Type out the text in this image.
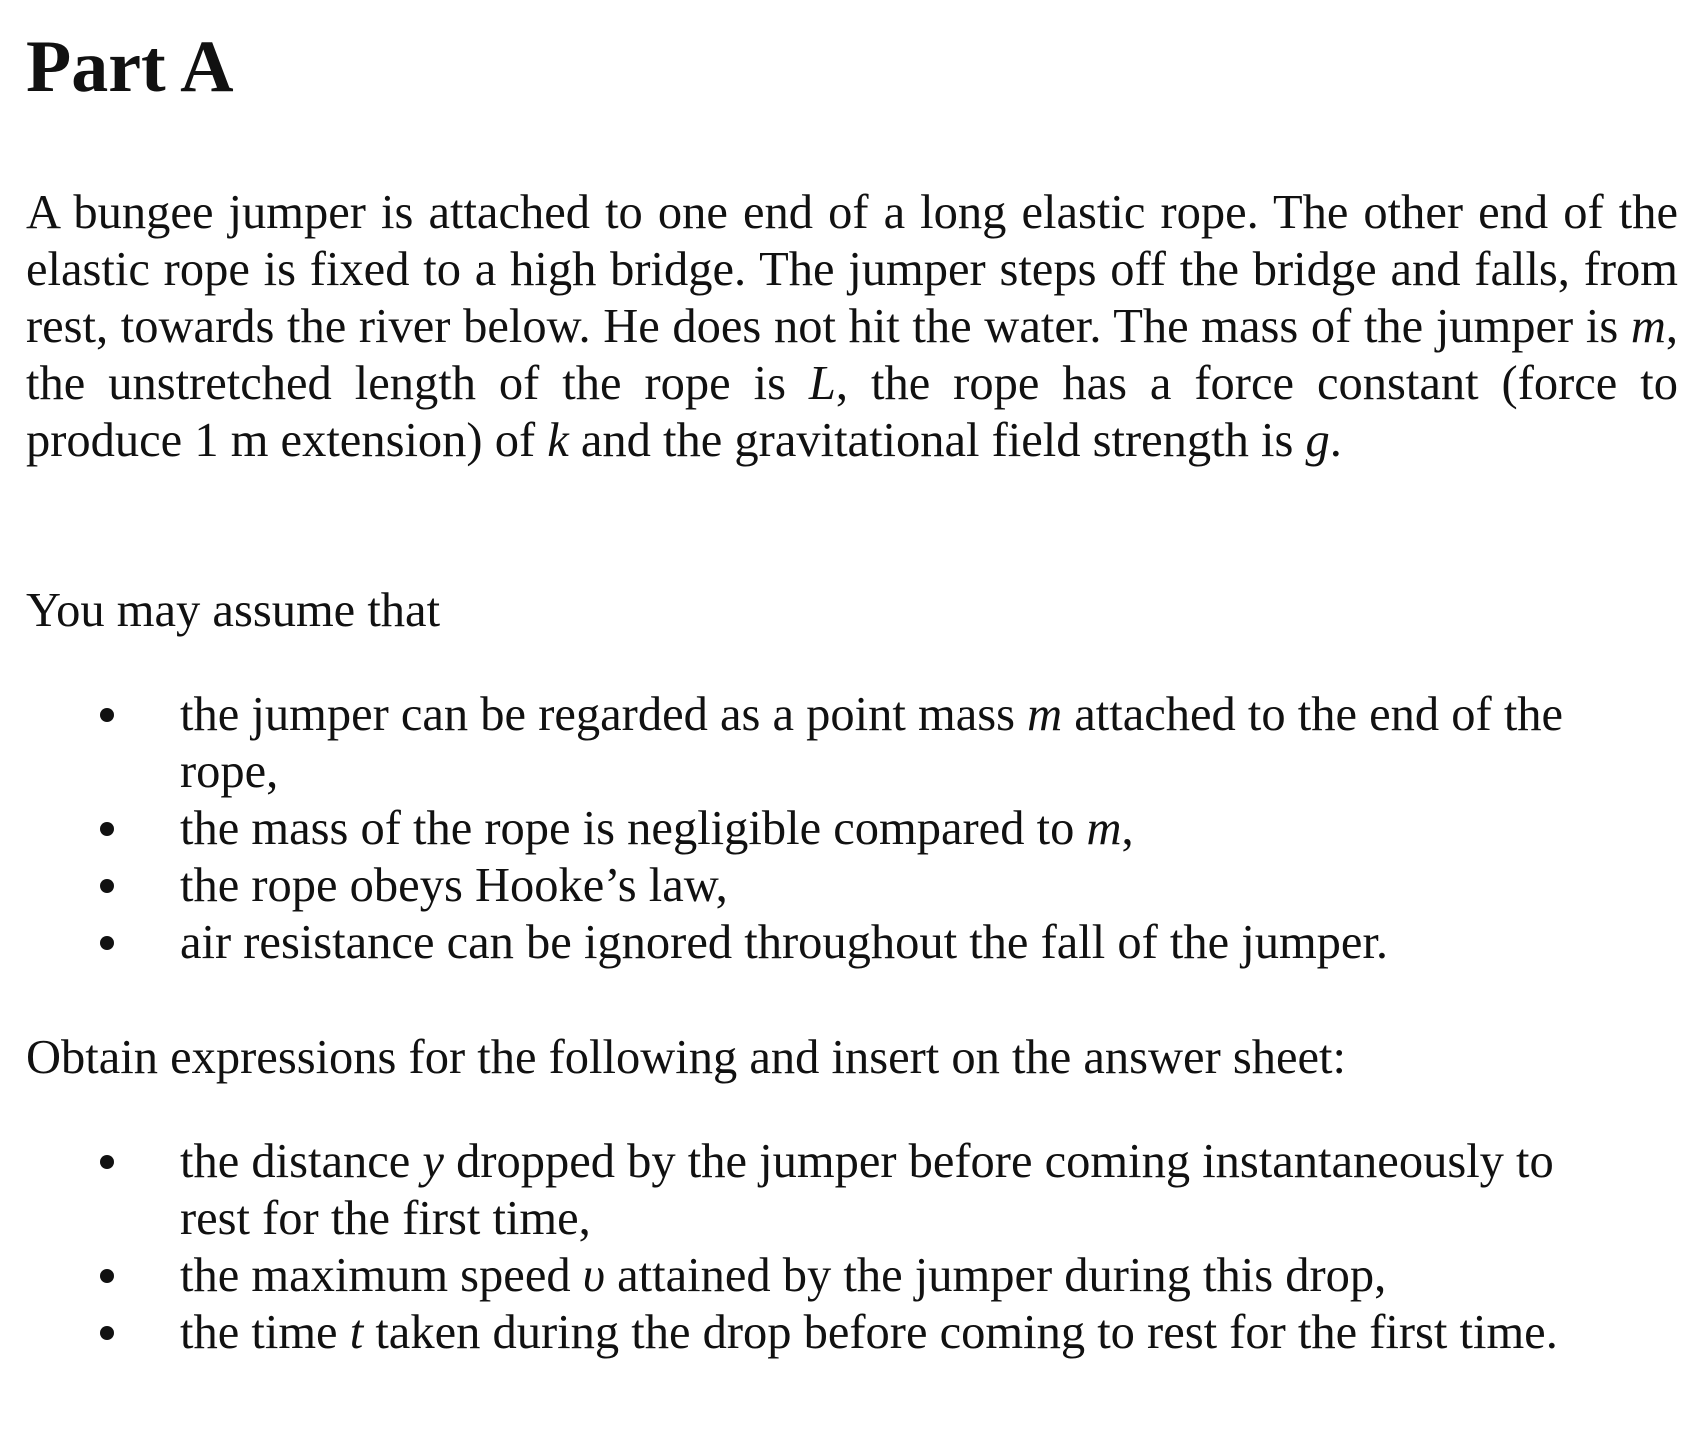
Part A

A bungee jumper is attached to one end of a long elastic rope. The other end of the elastic rope is fixed to a high bridge. The jumper steps off the bridge and falls, from rest, towards the river below. He does not hit the water. The mass of the jumper is m, the unstretched length of the rope is L, the rope has a force constant (force to produce 1 m extension) of k and the gravitational field strength is g.

You may assume that

the jumper can be regarded as a point mass m attached to the end of the rope,
the mass of the rope is negligible compared to m,
the rope obeys Hooke’s law,
air resistance can be ignored throughout the fall of the jumper.

Obtain expressions for the following and insert on the answer sheet:

the distance y dropped by the jumper before coming instantaneously to rest for the first time,
the maximum speed υ attained by the jumper during this drop,
the time t taken during the drop before coming to rest for the first time.
